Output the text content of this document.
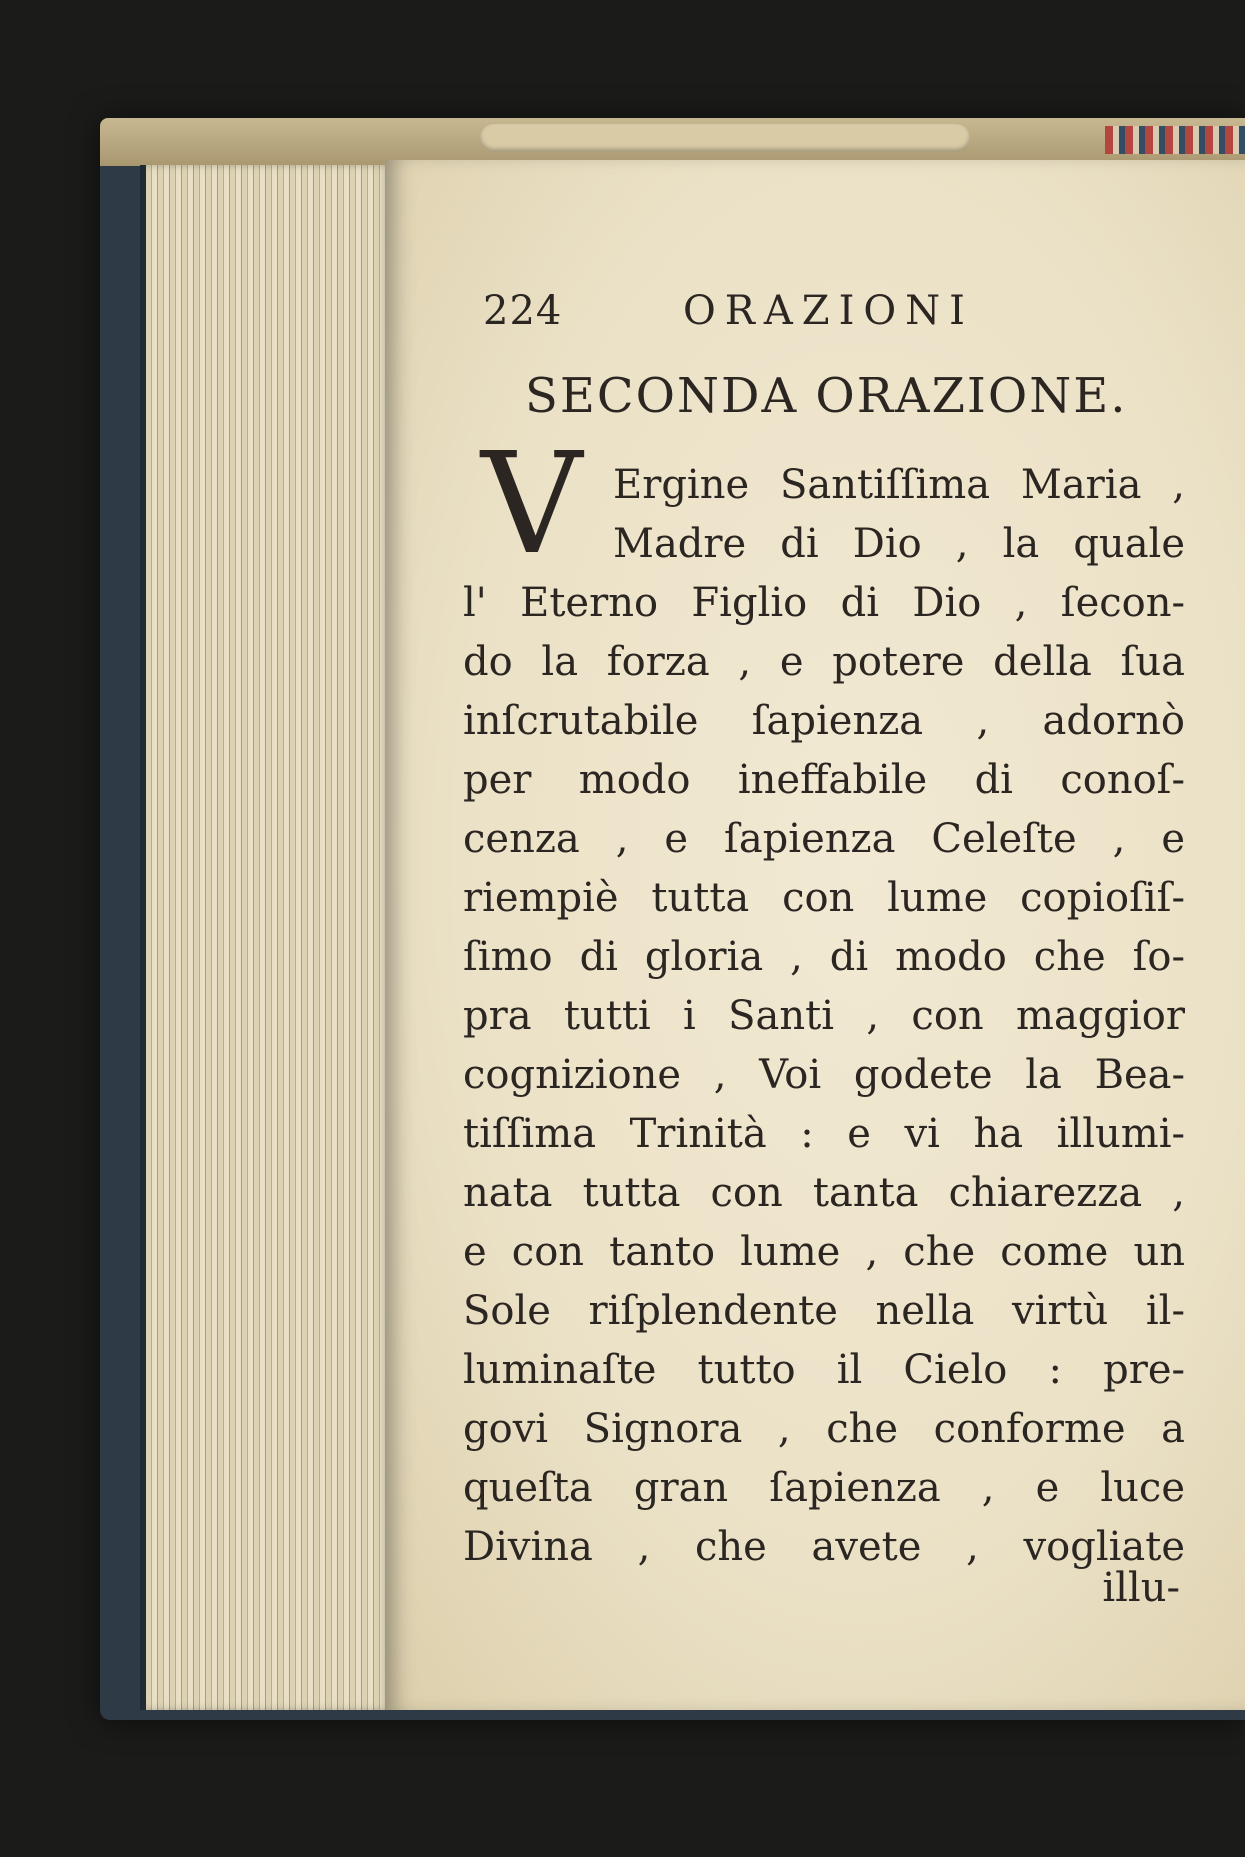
224	ORAZIONI
SECONDA ORAZIONE.
V Ergine Santiſſima Maria ,
Madre di Dio , la quale
l' Eterno Figlio di Dio , ſecon-
do la forza , e potere della ſua
inſcrutabile ſapienza , adornò
per modo ineffabile di conoſ-
cenza , e ſapienza Celeſte , e
riempiè tutta con lume copioſiſ-
ſimo di gloria , di modo che ſo-
pra tutti i Santi , con maggior
cognizione , Voi godete la Bea-
tiſſima Trinità : e vi ha illumi-
nata tutta con tanta chiarezza ,
e con tanto lume , che come un
Sole riſplendente nella virtù il-
luminaſte tutto il Cielo : pre-
govi Signora , che conforme a
queſta gran ſapienza , e luce
Divina , che avete , vogliate
illu-
